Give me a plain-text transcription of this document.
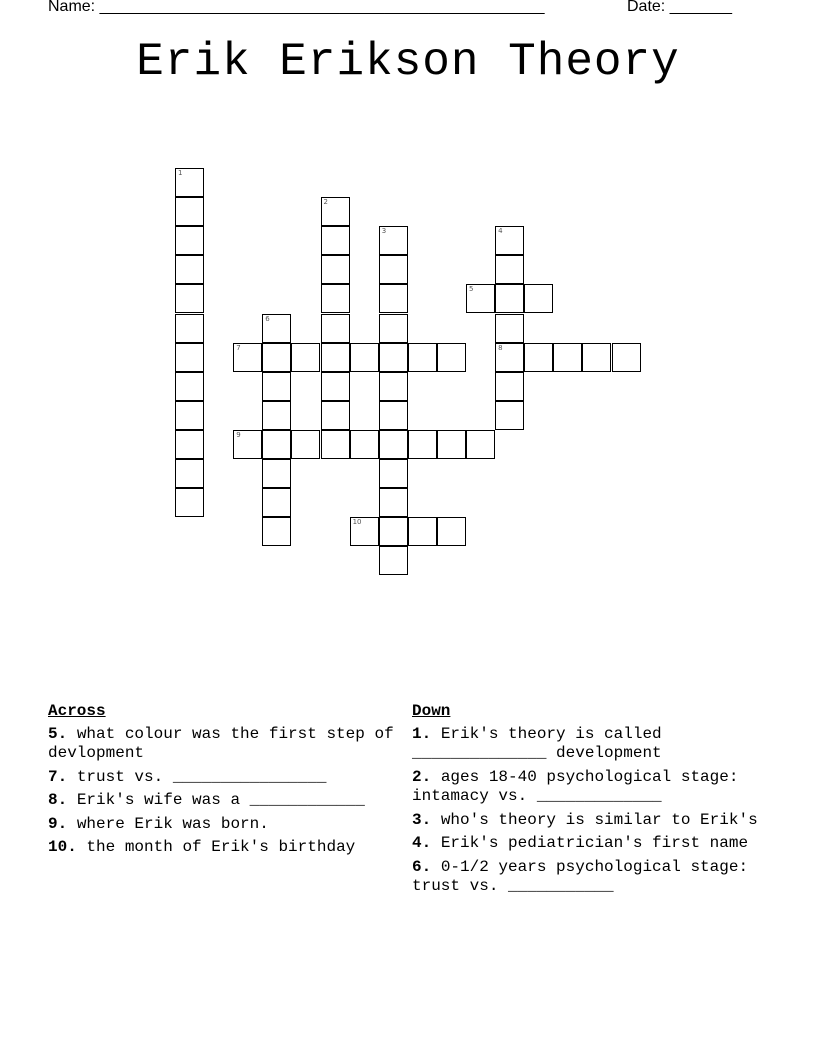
Name: __________________________________________________	Date: _______
Erik Erikson Theory
1
2
3	4
8
5
6
7
9
10
Across
5. what colour was the first step of devlopment
7. trust vs. ________________
8. Erik's wife was a ____________
9. where Erik was born.
10. the month of Erik's birthday
Down
1. Erik's theory is called ______________ development
2. ages 18-40 psychological stage: intamacy vs. _____________
3. who's theory is similar to Erik's
4. Erik's pediatrician's first name
6. 0-1/2 years psychological stage: trust vs. ___________
